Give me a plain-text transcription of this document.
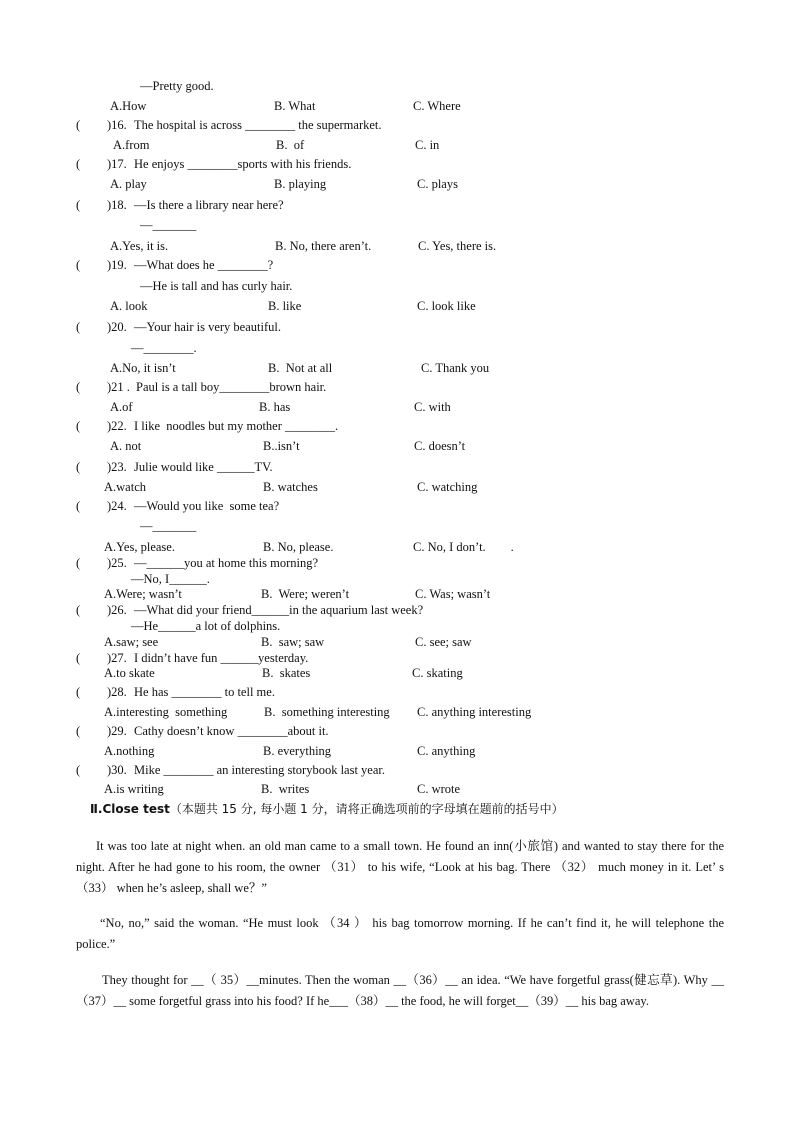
—Pretty good.
A.How	B. What	C. Where
( )16. The hospital is across ________ the supermarket.
A.from	B.  of	C. in
( )17. He enjoys ________sports with his friends.
A. play	B. playing	C. plays
( )18. —Is there a library near here?
—_______
A.Yes, it is.	B. No, there aren’t.	C. Yes, there is.
( )19. —What does he ________?
—He is tall and has curly hair.
A. look	B. like	C. look like
( )20. —Your hair is very beautiful.
—________.
A.No, it isn’t	B.  Not at all	C. Thank you
( )21 . Paul is a tall boy________brown hair.
A.of	B. has	C. with
( )22. I like  noodles but my mother ________.
A. not	B..isn’t	C. doesn’t
( )23. Julie would like ______TV.
A.watch	B. watches	C. watching
( )24. —Would you like  some tea?
—_______
A.Yes, please.	B. No, please.	C. No, I don’t.        .
( )25. —______you at home this morning?
—No, I______.
A.Were; wasn’t	B.  Were; weren’t	C. Was; wasn’t
( )26. —What did your friend______in the aquarium last week?
—He______a lot of dolphins.
A.saw; see	B.  saw; saw	C. see; saw
( )27. I didn’t have fun ______yesterday.
A.to skate	B.  skates	C. skating
( )28. He has ________ to tell me.
A.interesting  something	B.  something interesting C. anything interesting
( )29. Cathy doesn’t know ________about it.
A.nothing	B. everything	C. anything
( )30. Mike ________ an interesting storybook last year.
A.is writing	B.  writes	C. wrote
Ⅱ.Close test（本题共 15 分, 每小题 1 分，请将正确选项前的字母填在题前的括号中）
It was too late at night when. an old man came to a small town. He found an inn(小旅馆) and wanted to stay there for the night. After he had gone to his room, the owner （31） to his wife, “Look at his bag. There （32） much money in it. Let’ s （33） when he’s asleep, shall we？”
“No, no,” said the woman. “He must look （34 ） his bag tomorrow morning. If he can’t find it, he will telephone the police.”
They thought for __（ 35）__minutes. Then the woman __（36）__ an idea. “We have forgetful grass(健忘草). Why __（37）__ some forgetful grass into his food? If he___（38）__ the food, he will forget__（39）__ his bag away.
